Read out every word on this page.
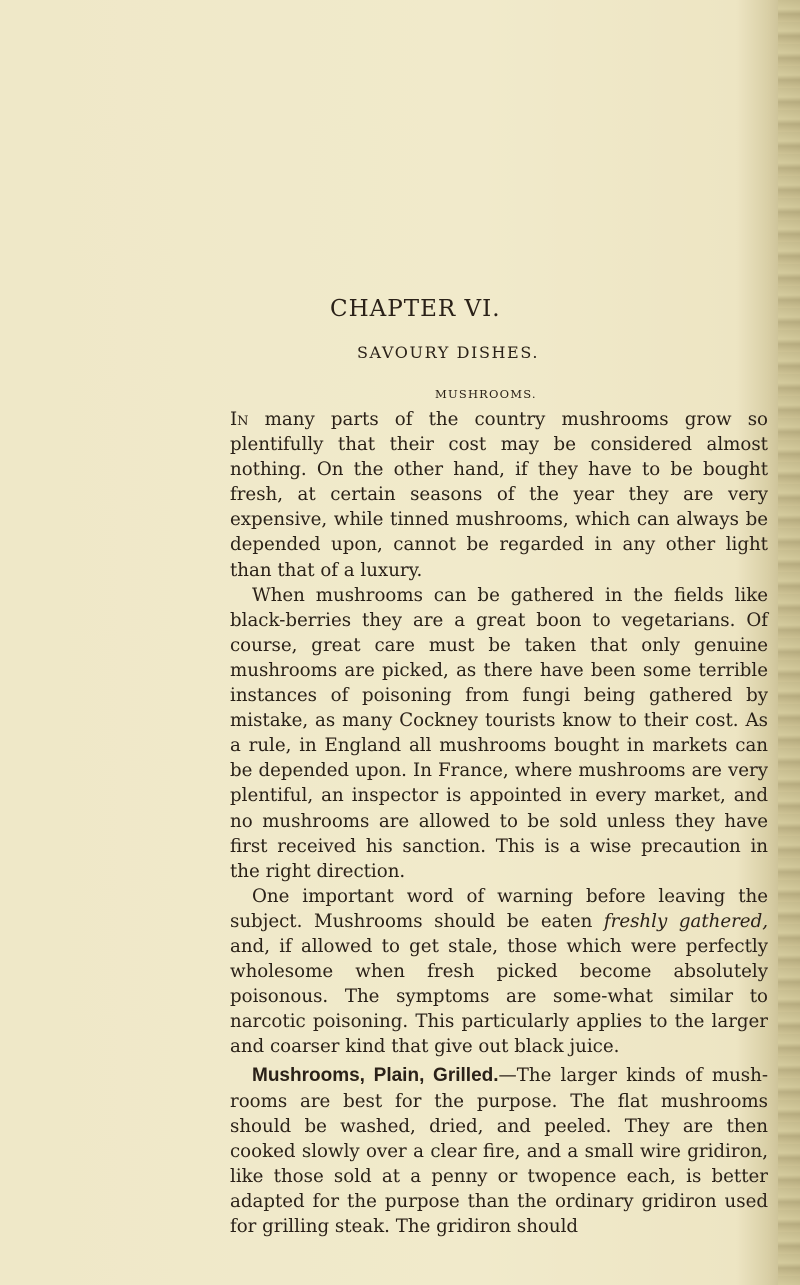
CHAPTER VI.
SAVOURY DISHES.
MUSHROOMS.

In many parts of the country mushrooms grow so plentifully that their cost may be considered almost nothing. On the other hand, if they have to be bought fresh, at certain seasons of the year they are very expensive, while tinned mushrooms, which can always be depended upon, cannot be regarded in any other light than that of a luxury.

When mushrooms can be gathered in the fields like black-berries they are a great boon to vegetarians. Of course, great care must be taken that only genuine mushrooms are picked, as there have been some terrible instances of poisoning from fungi being gathered by mistake, as many Cockney tourists know to their cost. As a rule, in England all mushrooms bought in markets can be depended upon. In France, where mushrooms are very plentiful, an inspector is appointed in every market, and no mushrooms are allowed to be sold unless they have first received his sanction. This is a wise precaution in the right direction.

One important word of warning before leaving the subject. Mushrooms should be eaten freshly gathered, and, if allowed to get stale, those which were perfectly wholesome when fresh picked become absolutely poisonous. The symptoms are some-what similar to narcotic poisoning. This particularly applies to the larger and coarser kind that give out black juice.

Mushrooms, Plain, Grilled.—The larger kinds of mush-rooms are best for the purpose. The flat mushrooms should be washed, dried, and peeled. They are then cooked slowly over a clear fire, and a small wire gridiron, like those sold at a penny or twopence each, is better adapted for the purpose than the ordinary gridiron used for grilling steak. The gridiron should
